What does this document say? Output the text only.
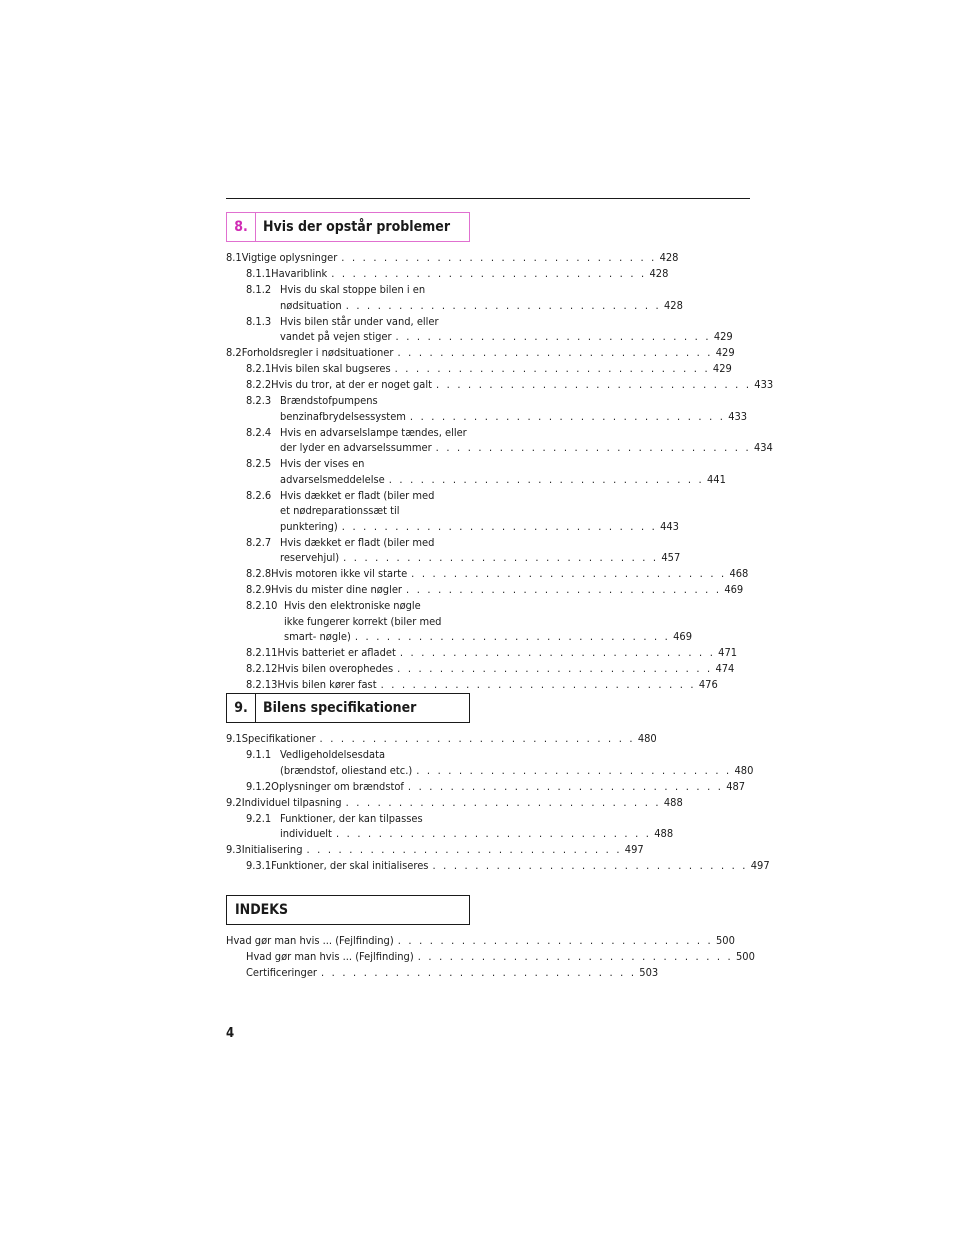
8.	Hvis der opstår problemer
8.1 Vigtige oplysninger . . . . . . . . . . . . . . . . . . . . . . . . . . . . . . 428
8.1.1 Havariblink . . . . . . . . . . . . . . . . . . . . . . . . . . . . . . 428
8.1.2 Hvis du skal stoppe bilen i en
nødsituation . . . . . . . . . . . . . . . . . . . . . . . . . . . . . . 428
8.1.3 Hvis bilen står under vand, eller
vandet på vejen stiger . . . . . . . . . . . . . . . . . . . . . . . . . . . . . . 429
8.2 Forholdsregler i nødsituationer . . . . . . . . . . . . . . . . . . . . . . . . . . . . . . 429
8.2.1 Hvis bilen skal bugseres . . . . . . . . . . . . . . . . . . . . . . . . . . . . . . 429
8.2.2 Hvis du tror, at der er noget galt . . . . . . . . . . . . . . . . . . . . . . . . . . . . . . 433
8.2.3 Brændstofpumpens
benzinafbrydelsessystem . . . . . . . . . . . . . . . . . . . . . . . . . . . . . . 433
8.2.4 Hvis en advarselslampe tændes, eller
der lyder en advarselssummer . . . . . . . . . . . . . . . . . . . . . . . . . . . . . . 434
8.2.5 Hvis der vises en
advarselsmeddelelse . . . . . . . . . . . . . . . . . . . . . . . . . . . . . . 441
8.2.6 Hvis dækket er fladt (biler med
et nødreparationssæt til
punktering) . . . . . . . . . . . . . . . . . . . . . . . . . . . . . . 443
8.2.7 Hvis dækket er fladt (biler med
reservehjul) . . . . . . . . . . . . . . . . . . . . . . . . . . . . . . 457
8.2.8 Hvis motoren ikke vil starte . . . . . . . . . . . . . . . . . . . . . . . . . . . . . . 468
8.2.9 Hvis du mister dine nøgler . . . . . . . . . . . . . . . . . . . . . . . . . . . . . . 469
8.2.10 Hvis den elektroniske nøgle
ikke fungerer korrekt (biler med
smart- nøgle) . . . . . . . . . . . . . . . . . . . . . . . . . . . . . . 469
8.2.11 Hvis batteriet er afladet . . . . . . . . . . . . . . . . . . . . . . . . . . . . . . 471
8.2.12 Hvis bilen overophedes . . . . . . . . . . . . . . . . . . . . . . . . . . . . . . 474
8.2.13 Hvis bilen kører fast . . . . . . . . . . . . . . . . . . . . . . . . . . . . . . 476
9.	Bilens specifikationer
9.1 Specifikationer . . . . . . . . . . . . . . . . . . . . . . . . . . . . . . 480
9.1.1 Vedligeholdelsesdata
(brændstof, oliestand etc.) . . . . . . . . . . . . . . . . . . . . . . . . . . . . . . 480
9.1.2 Oplysninger om brændstof . . . . . . . . . . . . . . . . . . . . . . . . . . . . . . 487
9.2 Individuel tilpasning . . . . . . . . . . . . . . . . . . . . . . . . . . . . . . 488
9.2.1 Funktioner, der kan tilpasses
individuelt . . . . . . . . . . . . . . . . . . . . . . . . . . . . . . 488
9.3 Initialisering . . . . . . . . . . . . . . . . . . . . . . . . . . . . . . 497
9.3.1 Funktioner, der skal initialiseres . . . . . . . . . . . . . . . . . . . . . . . . . . . . . . 497
INDEKS
Hvad gør man hvis ... (Fejlfinding) . . . . . . . . . . . . . . . . . . . . . . . . . . . . . . 500
Hvad gør man hvis ... (Fejlfinding) . . . . . . . . . . . . . . . . . . . . . . . . . . . . . . 500
Certificeringer . . . . . . . . . . . . . . . . . . . . . . . . . . . . . . 503
4
